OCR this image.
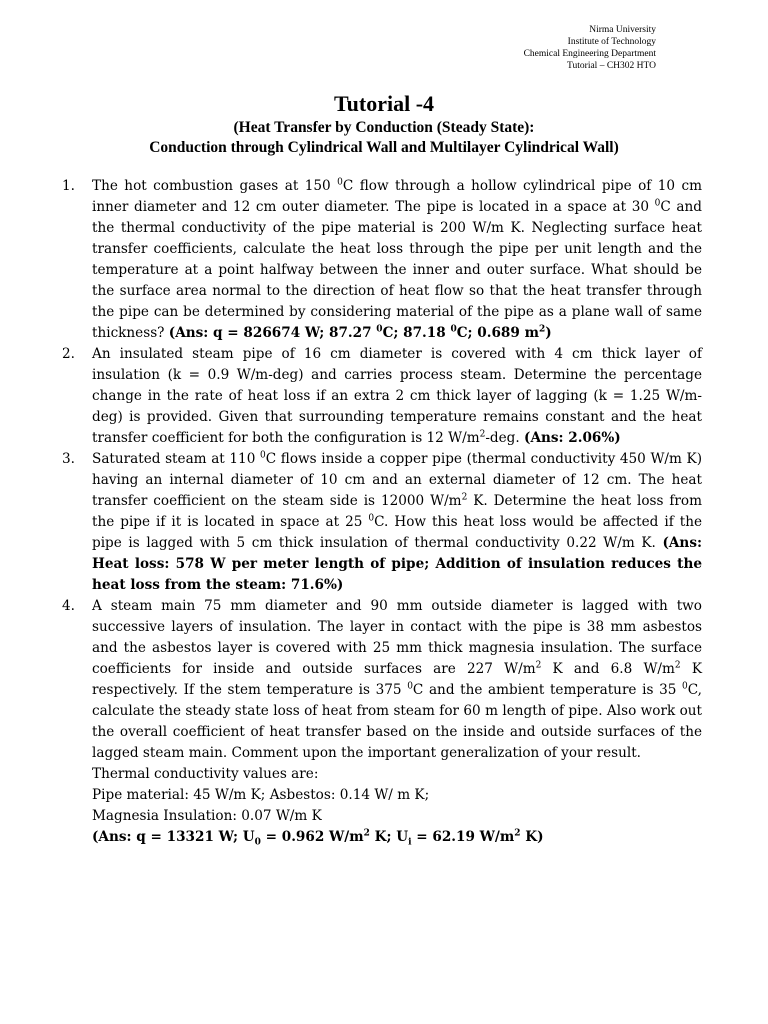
Nirma University
Institute of Technology
Chemical Engineering Department
Tutorial – CH302 HTO
Tutorial -4
(Heat Transfer by Conduction (Steady State):
Conduction through Cylindrical Wall and Multilayer Cylindrical Wall)
1.	The hot combustion gases at 150 $^0$C flow through a hollow cylindrical pipe of 10 cm inner diameter and 12 cm outer diameter. The pipe is located in a space at 30 $^0$C and the thermal conductivity of the pipe material is 200 W/m K. Neglecting surface heat transfer coefficients, calculate the heat loss through the pipe per unit length and the temperature at a point halfway between the inner and outer surface. What should be the surface area normal to the direction of heat flow so that the heat transfer through the pipe can be determined by considering material of the pipe as a plane wall of same thickness? (Ans: q = 826674 W; 87.27 $^0$C; 87.18 $^0$C; 0.689 $m^2$)
2.	An insulated steam pipe of 16 cm diameter is covered with 4 cm thick layer of insulation (k = 0.9 W/m-deg) and carries process steam. Determine the percentage change in the rate of heat loss if an extra 2 cm thick layer of lagging (k = 1.25 W/m-deg) is provided. Given that surrounding temperature remains constant and the heat transfer coefficient for both the configuration is 12 $W/m^2$-deg. (Ans: 2.06%)
3.	Saturated steam at 110 $^0$C flows inside a copper pipe (thermal conductivity 450 W/m K) having an internal diameter of 10 cm and an external diameter of 12 cm. The heat transfer coefficient on the steam side is 12000 $W/m^2$ K. Determine the heat loss from the pipe if it is located in space at 25 $^0$C. How this heat loss would be affected if the pipe is lagged with 5 cm thick insulation of thermal conductivity 0.22 W/m K. (Ans: Heat loss: 578 W per meter length of pipe; Addition of insulation reduces the heat loss from the steam: 71.6%)
4.	A steam main 75 mm diameter and 90 mm outside diameter is lagged with two successive layers of insulation. The layer in contact with the pipe is 38 mm asbestos and the asbestos layer is covered with 25 mm thick magnesia insulation. The surface coefficients for inside and outside surfaces are 227 $W/m^2$ K and 6.8 $W/m^2$ K respectively. If the stem temperature is 375 $^0$C and the ambient temperature is 35 $^0$C, calculate the steady state loss of heat from steam for 60 m length of pipe. Also work out the overall coefficient of heat transfer based on the inside and outside surfaces of the lagged steam main. Comment upon the important generalization of your result.
Thermal conductivity values are:
Pipe material: 45 W/m K; Asbestos: 0.14 W/ m K;
Magnesia Insulation: 0.07 W/m K
(Ans: q = 13321 W; $U_0 = 0.962$ $W/m^2$ K; $U_i = 62.19$ $W/m^2$ K)
